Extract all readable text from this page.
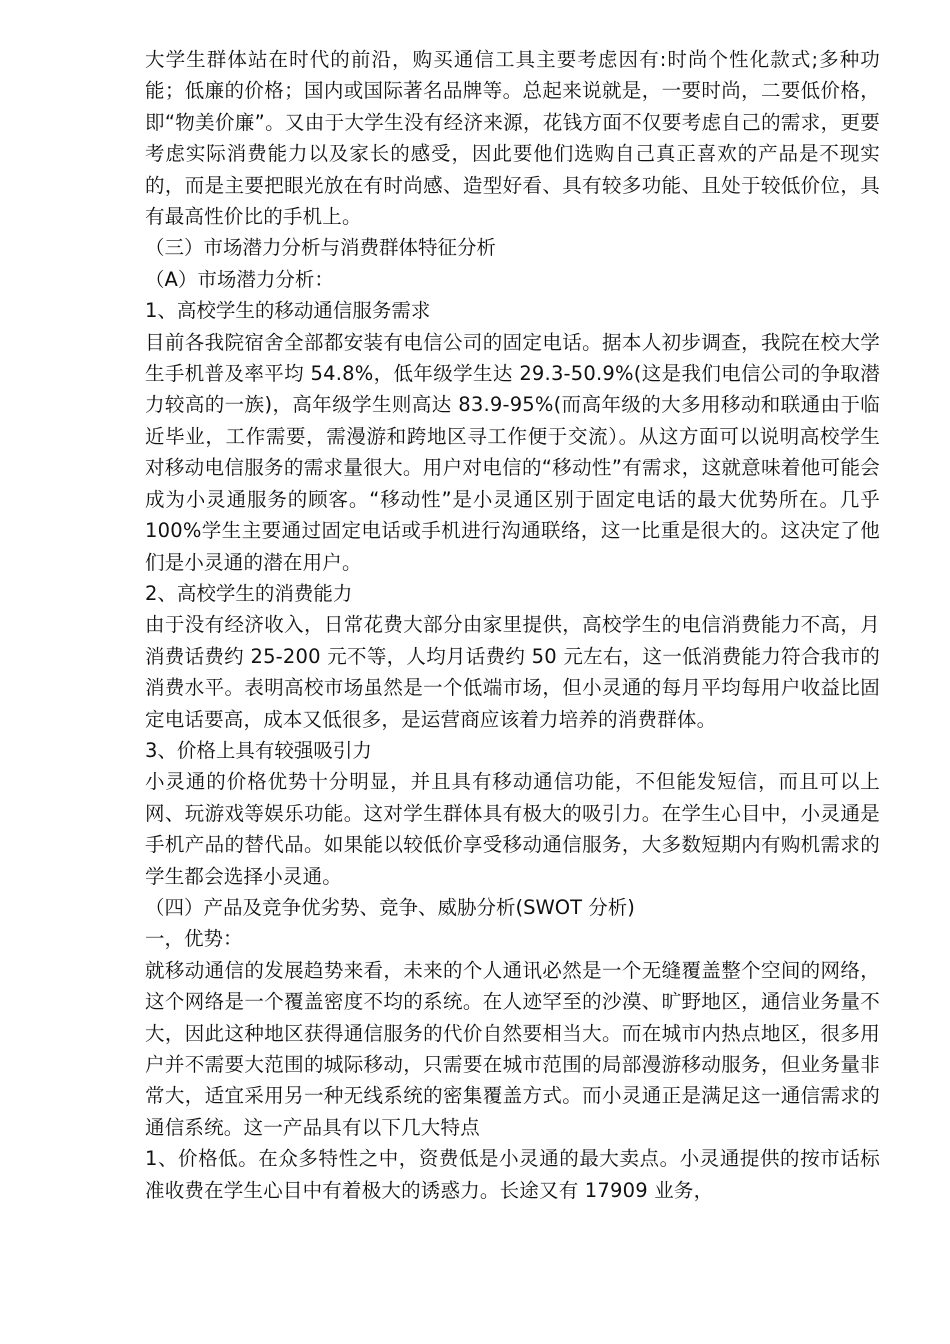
大学生群体站在时代的前沿，购买通信工具主要考虑因有:时尚个性化款式;多种功能；低廉的价格；国内或国际著名品牌等。总起来说就是，一要时尚，二要低价格，即“物美价廉”。又由于大学生没有经济来源，花钱方面不仅要考虑自己的需求，更要考虑实际消费能力以及家长的感受，因此要他们选购自己真正喜欢的产品是不现实的，而是主要把眼光放在有时尚感、造型好看、具有较多功能、且处于较低价位，具有最高性价比的手机上。

（三）市场潜力分析与消费群体特征分析

（A）市场潜力分析：

1、高校学生的移动通信服务需求

目前各我院宿舍全部都安装有电信公司的固定电话。据本人初步调查，我院在校大学生手机普及率平均 54.8%，低年级学生达 29.3-50.9%(这是我们电信公司的争取潜力较高的一族)，高年级学生则高达 83.9-95%(而高年级的大多用移动和联通由于临近毕业，工作需要，需漫游和跨地区寻工作便于交流）。从这方面可以说明高校学生对移动电信服务的需求量很大。用户对电信的“移动性”有需求，这就意味着他可能会成为小灵通服务的顾客。“移动性”是小灵通区别于固定电话的最大优势所在。几乎100%学生主要通过固定电话或手机进行沟通联络，这一比重是很大的。这决定了他们是小灵通的潜在用户。

2、高校学生的消费能力

由于没有经济收入，日常花费大部分由家里提供，高校学生的电信消费能力不高，月消费话费约 25-200 元不等，人均月话费约 50 元左右，这一低消费能力符合我市的消费水平。表明高校市场虽然是一个低端市场，但小灵通的每月平均每用户收益比固定电话要高，成本又低很多，是运营商应该着力培养的消费群体。

3、价格上具有较强吸引力

小灵通的价格优势十分明显，并且具有移动通信功能，不但能发短信，而且可以上网、玩游戏等娱乐功能。这对学生群体具有极大的吸引力。在学生心目中，小灵通是手机产品的替代品。如果能以较低价享受移动通信服务，大多数短期内有购机需求的学生都会选择小灵通。

（四）产品及竞争优劣势、竞争、威胁分析(SWOT 分析)

一，优势：

就移动通信的发展趋势来看，未来的个人通讯必然是一个无缝覆盖整个空间的网络，这个网络是一个覆盖密度不均的系统。在人迹罕至的沙漠、旷野地区，通信业务量不大，因此这种地区获得通信服务的代价自然要相当大。而在城市内热点地区，很多用户并不需要大范围的城际移动，只需要在城市范围的局部漫游移动服务，但业务量非常大，适宜采用另一种无线系统的密集覆盖方式。而小灵通正是满足这一通信需求的通信系统。这一产品具有以下几大特点

1、价格低。在众多特性之中，资费低是小灵通的最大卖点。小灵通提供的按市话标准收费在学生心目中有着极大的诱惑力。长途又有 17909 业务，
